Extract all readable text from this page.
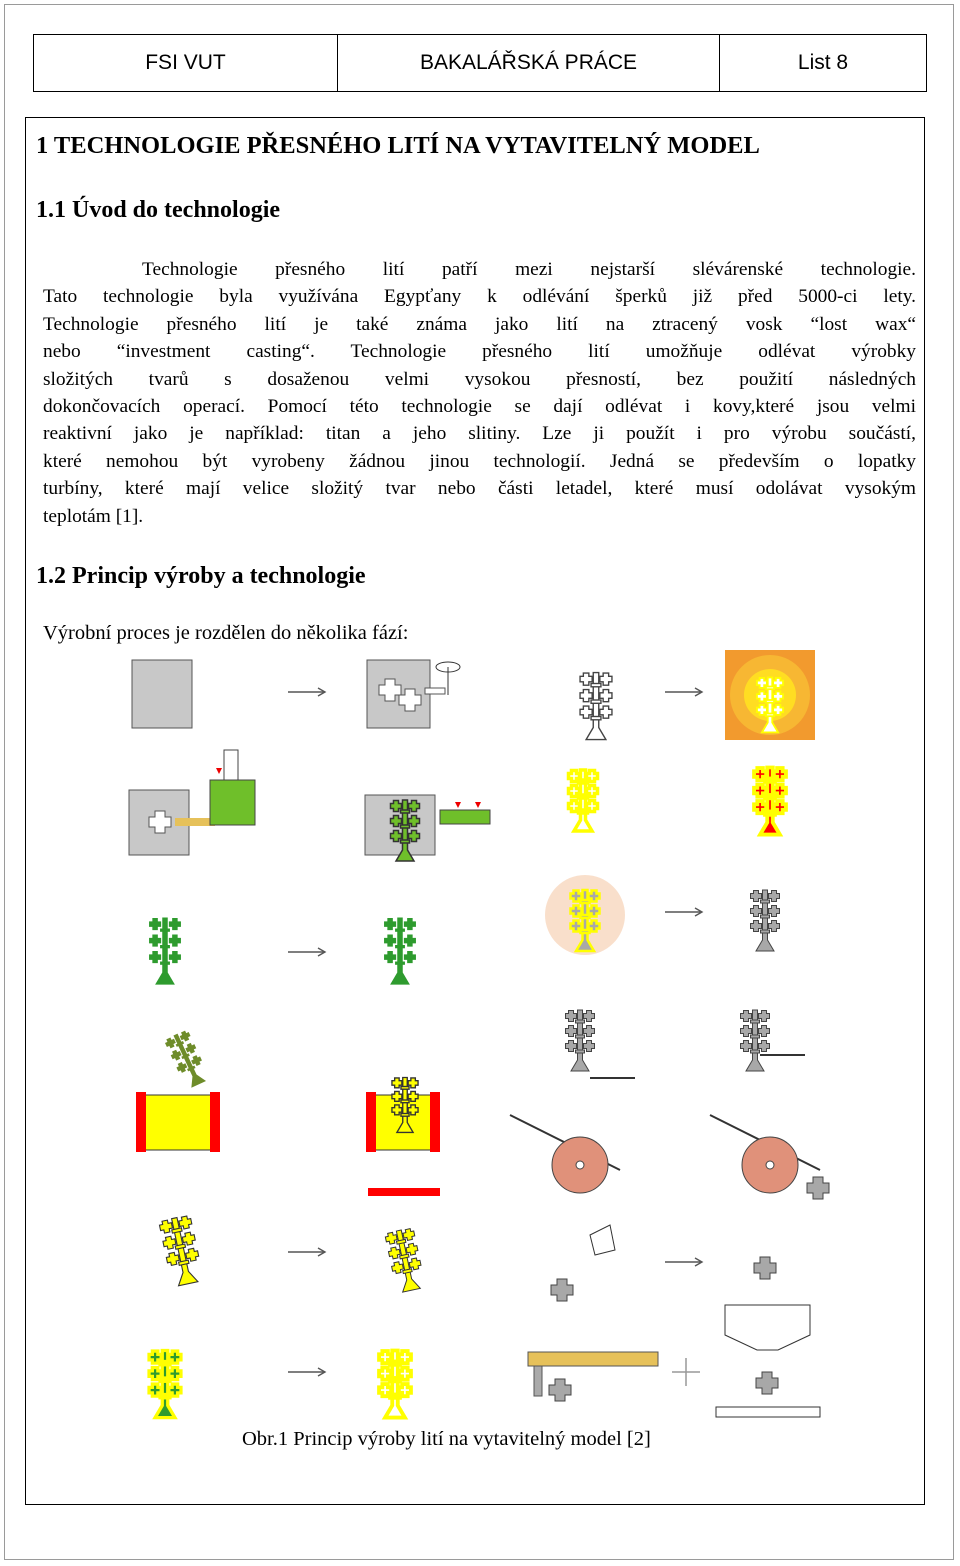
FSI VUT	BAKALÁŘSKÁ PRÁCE	List 8
1 TECHNOLOGIE PŘESNÉHO LITÍ NA VYTAVITELNÝ MODEL
1.1 Úvod do technologie
Technologie přesného lití patří mezi nejstarší slévárenské technologie.
Tato technologie byla využívána Egypťany k odlévání šperků již před 5000-ci lety.
Technologie přesného lití je také známa jako lití na ztracený vosk “lost wax“
nebo “investment casting“. Technologie přesného lití umožňuje odlévat výrobky
složitých tvarů s dosaženou velmi vysokou přesností, bez použití následných
dokončovacích operací. Pomocí této technologie se dají odlévat i kovy,které jsou velmi
reaktivní jako je například: titan a jeho slitiny. Lze ji použít i pro výrobu součástí,
které nemohou být vyrobeny žádnou jinou technologií. Jedná se především o lopatky
turbíny, které mají velice složitý tvar nebo části letadel, které musí odolávat vysokým
teplotám [1].
1.2 Princip výroby a technologie
Výrobní proces je rozdělen do několika fází:
Obr.1 Princip výroby lití na vytavitelný model [2]
